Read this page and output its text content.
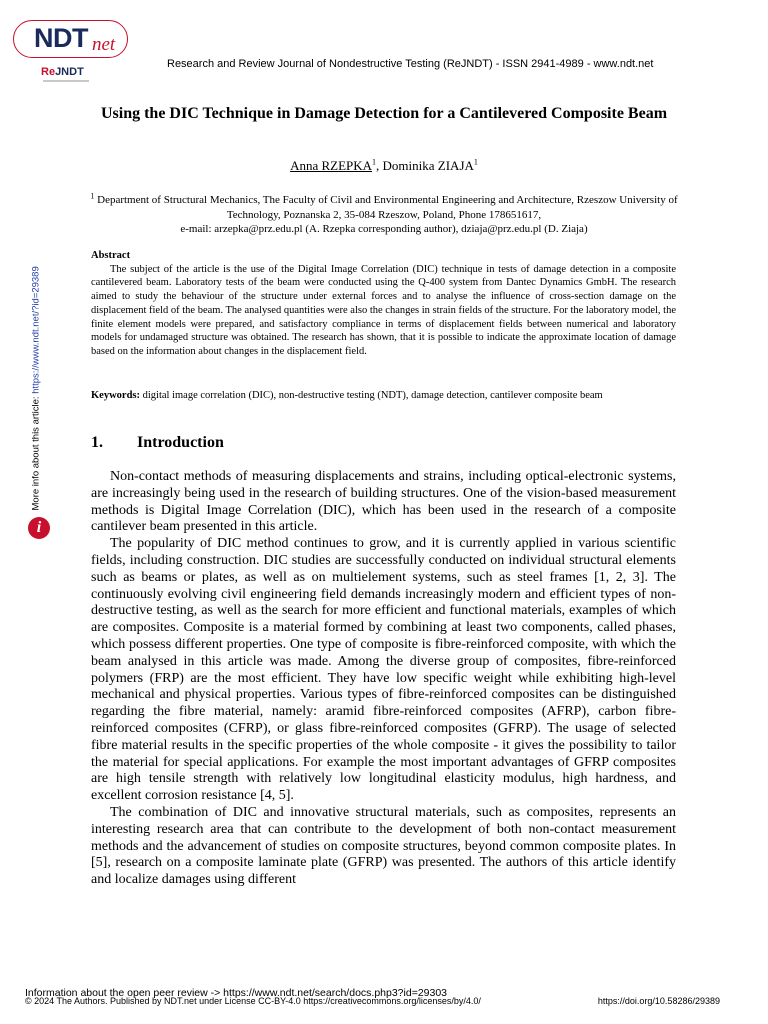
NDT net
ReJNDT
Research and Review Journal of Nondestructive Testing (ReJNDT) - ISSN 2941-4989 - www.ndt.net
Using the DIC Technique in Damage Detection for a Cantilevered Composite Beam
Anna RZEPKA$^1$, Dominika ZIAJA$^1$
$^1$ Department of Structural Mechanics, The Faculty of Civil and Environmental Engineering and Architecture, Rzeszow University of Technology, Poznanska 2, 35-084 Rzeszow, Poland, Phone 178651617,
e-mail: arzepka@prz.edu.pl (A. Rzepka corresponding author), dziaja@prz.edu.pl (D. Ziaja)
Abstract

The subject of the article is the use of the Digital Image Correlation (DIC) technique in tests of damage detection in a composite cantilevered beam. Laboratory tests of the beam were conducted using the Q-400 system from Dantec Dynamics GmbH. The research aimed to study the behaviour of the structure under external forces and to analyse the influence of cross-section damage on the displacement field of the beam. The analysed quantities were also the changes in strain fields of the structure. For the laboratory model, the finite element models were prepared, and satisfactory compliance in terms of displacement fields between numerical and laboratory models for undamaged structure was obtained. The research has shown, that it is possible to indicate the approximate location of damage based on the information about changes in the displacement field.

Keywords: digital image correlation (DIC), non-destructive testing (NDT), damage detection, cantilever composite beam
1. Introduction

Non-contact methods of measuring displacements and strains, including optical-electronic systems, are increasingly being used in the research of building structures. One of the vision-based measurement methods is Digital Image Correlation (DIC), which has been used in the research of a composite cantilever beam presented in this article.

The popularity of DIC method continues to grow, and it is currently applied in various scientific fields, including construction. DIC studies are successfully conducted on individual structural elements such as beams or plates, as well as on multielement systems, such as steel frames [1, 2, 3]. The continuously evolving civil engineering field demands increasingly modern and efficient types of non-destructive testing, as well as the search for more efficient and functional materials, examples of which are composites. Composite is a material formed by combining at least two components, called phases, which possess different properties. One type of composite is fibre-reinforced composite, with which the beam analysed in this article was made. Among the diverse group of composites, fibre-reinforced polymers (FRP) are the most efficient. They have low specific weight while exhibiting high-level mechanical and physical properties. Various types of fibre-reinforced composites can be distinguished regarding the fibre material, namely: aramid fibre-reinforced composites (AFRP), carbon fibre-reinforced composites (CFRP), or glass fibre-reinforced composites (GFRP). The usage of selected fibre material results in the specific properties of the whole composite - it gives the possibility to tailor the material for special applications. For example the most important advantages of GFRP composites are high tensile strength with relatively low longitudinal elasticity modulus, high hardness, and excellent corrosion resistance [4, 5].

The combination of DIC and innovative structural materials, such as composites, represents an interesting research area that can contribute to the development of both non-contact measurement methods and the advancement of studies on composite structures, beyond common composite plates. In [5], research on a composite laminate plate (GFRP) was presented. The authors of this article identify and localize damages using different

More info about this article: https://www.ndt.net/?id=29389
i
Information about the open peer review -> https://www.ndt.net/search/docs.php3?id=29303
© 2024 The Authors. Published by NDT.net under License CC-BY-4.0 https://creativecommons.org/licenses/by/4.0/	https://doi.org/10.58286/29389
